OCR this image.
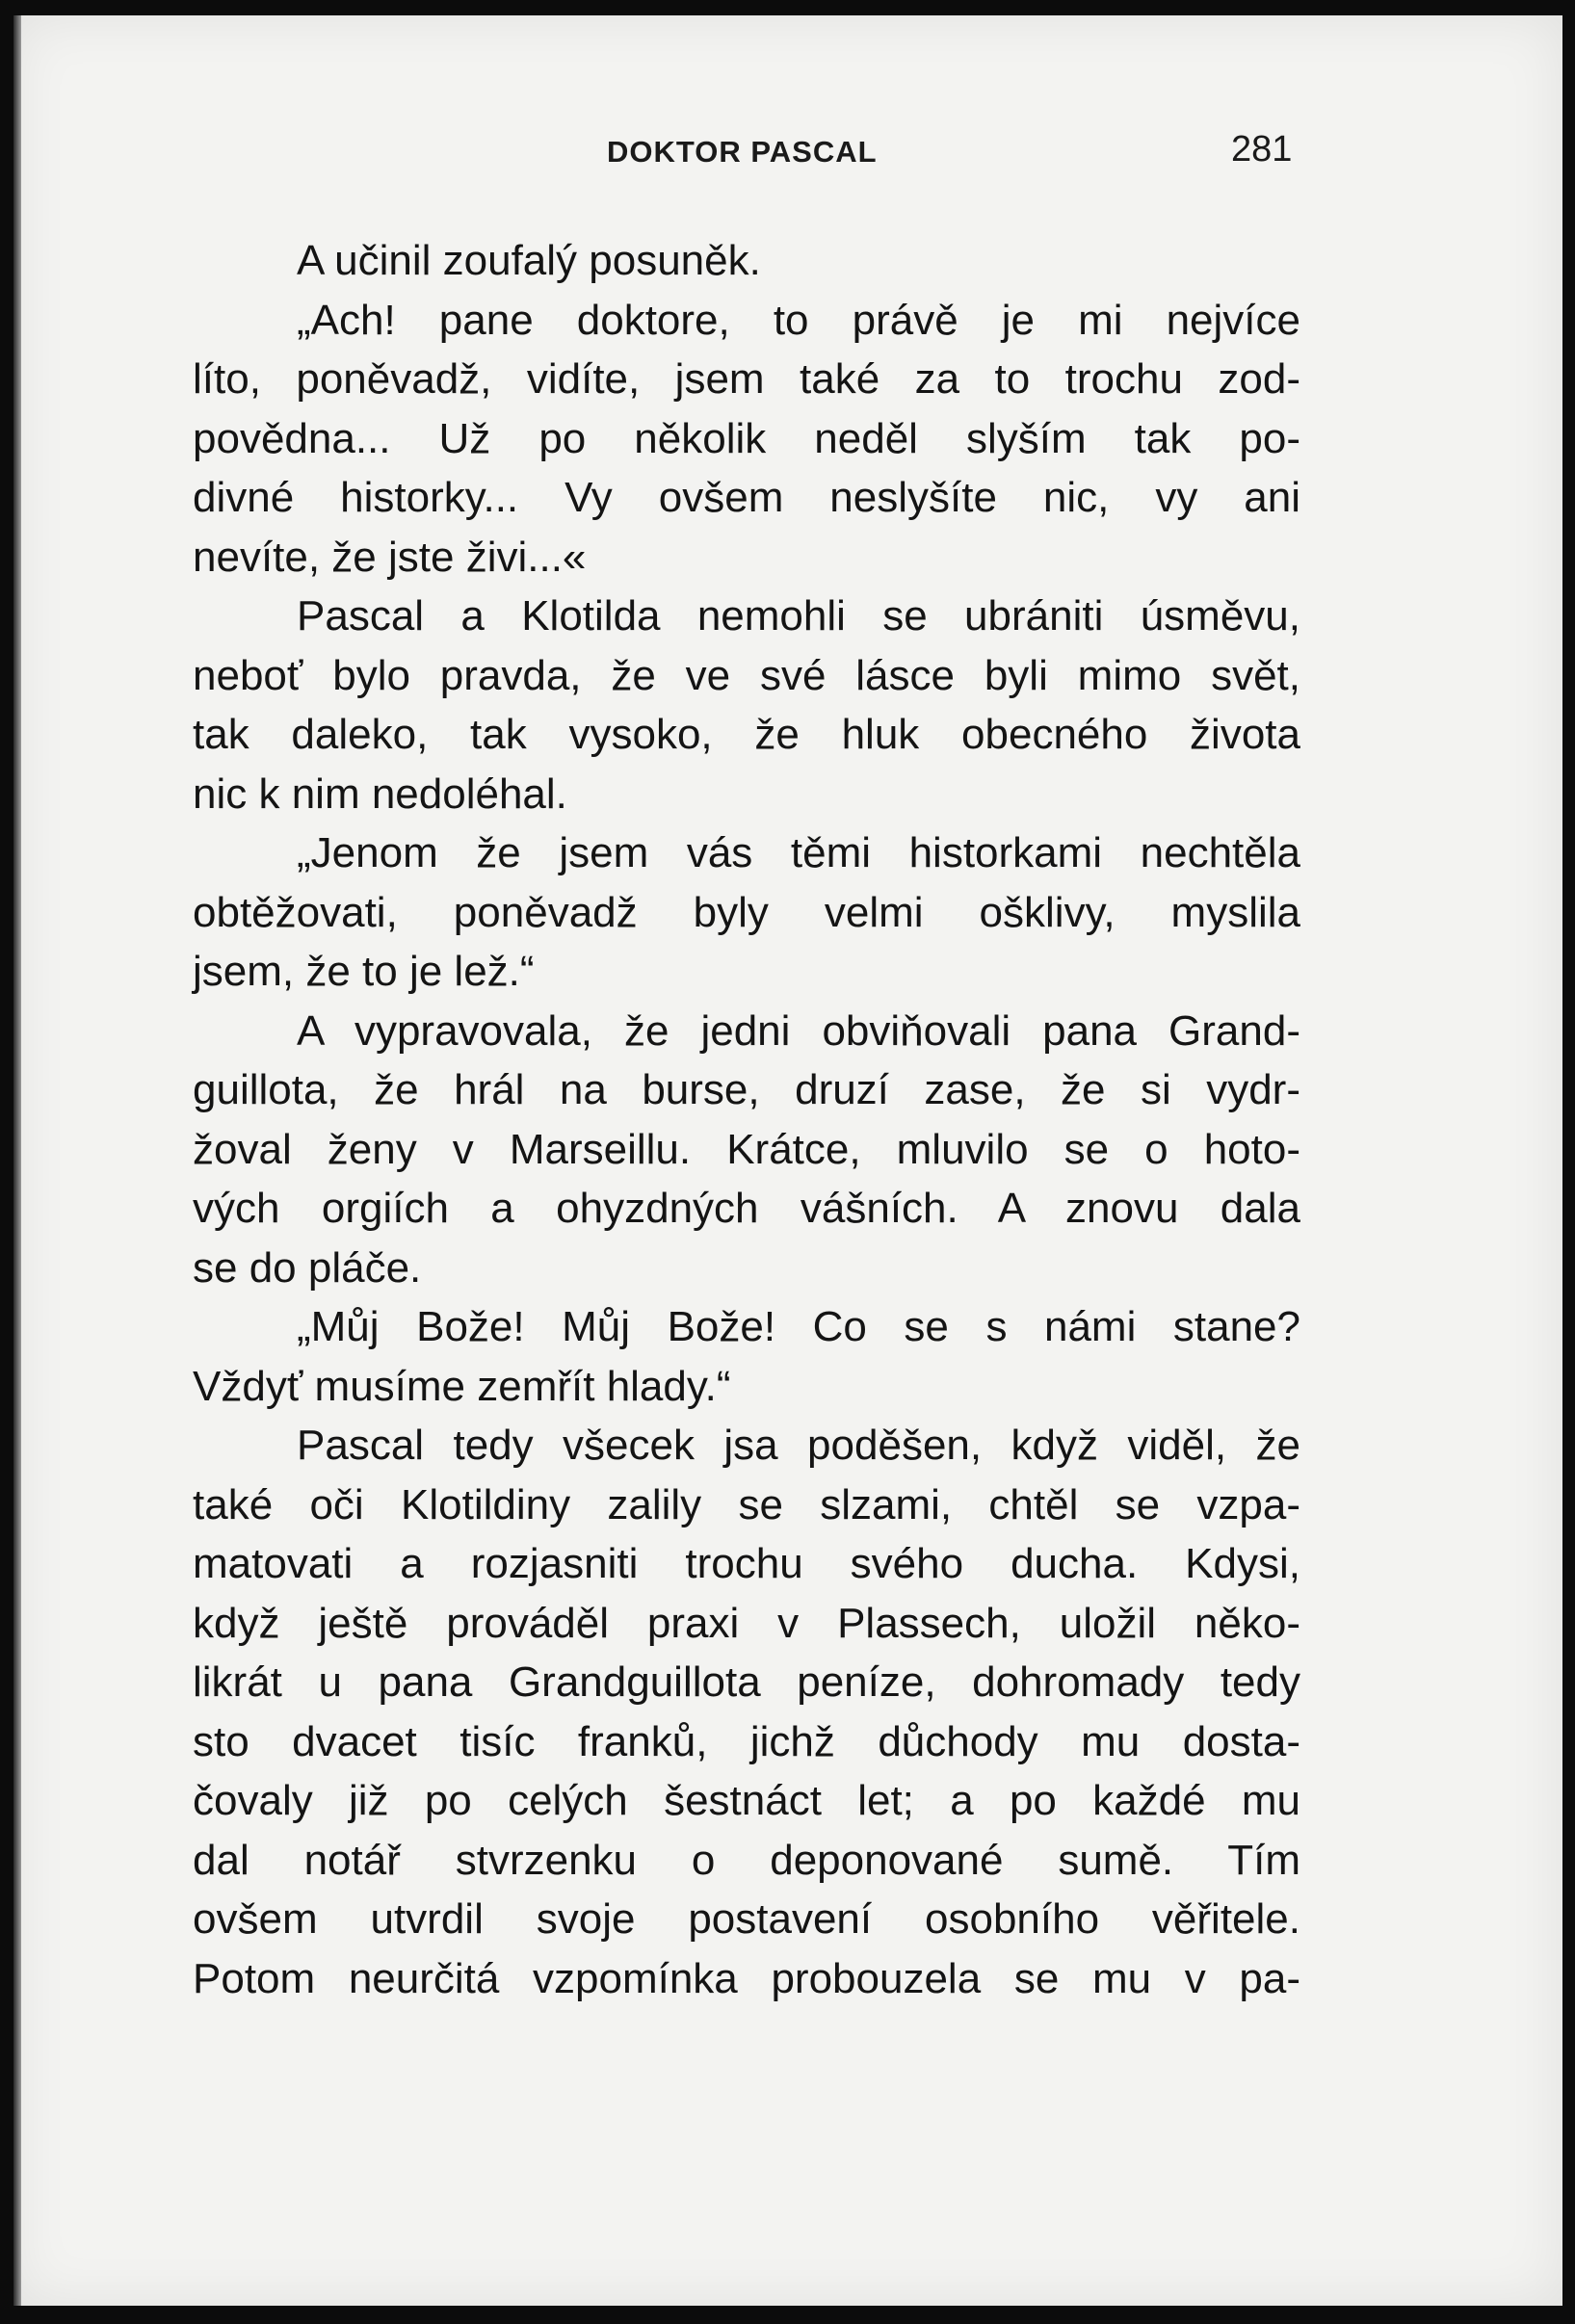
DOKTOR PASCAL	281
A učinil zoufalý posuněk.
„Ach! pane doktore, to právě je mi nejvíce
líto, poněvadž, vidíte, jsem také za to trochu zod-
povědna... Už po několik neděl slyším tak po-
divné historky... Vy ovšem neslyšíte nic, vy ani
nevíte, že jste živi...«
Pascal a Klotilda nemohli se ubrániti úsměvu,
neboť bylo pravda, že ve své lásce byli mimo svět,
tak daleko, tak vysoko, že hluk obecného života
nic k nim nedoléhal.
„Jenom že jsem vás těmi historkami nechtěla
obtěžovati, poněvadž byly velmi ošklivy, myslila
jsem, že to je lež.“
A vypravovala, že jedni obviňovali pana Grand-
guillota, že hrál na burse, druzí zase, že si vydr-
žoval ženy v Marseillu. Krátce, mluvilo se o hoto-
vých orgiích a ohyzdných vášních. A znovu dala
se do pláče.
„Můj Bože! Můj Bože! Co se s námi stane?
Vždyť musíme zemřít hlady.“
Pascal tedy všecek jsa poděšen, když viděl, že
také oči Klotildiny zalily se slzami, chtěl se vzpa-
matovati a rozjasniti trochu svého ducha. Kdysi,
když ještě prováděl praxi v Plassech, uložil něko-
likrát u pana Grandguillota peníze, dohromady tedy
sto dvacet tisíc franků, jichž důchody mu dosta-
čovaly již po celých šestnáct let; a po každé mu
dal notář stvrzenku o deponované sumě. Tím
ovšem utvrdil svoje postavení osobního věřitele.
Potom neurčitá vzpomínka probouzela se mu v pa-
